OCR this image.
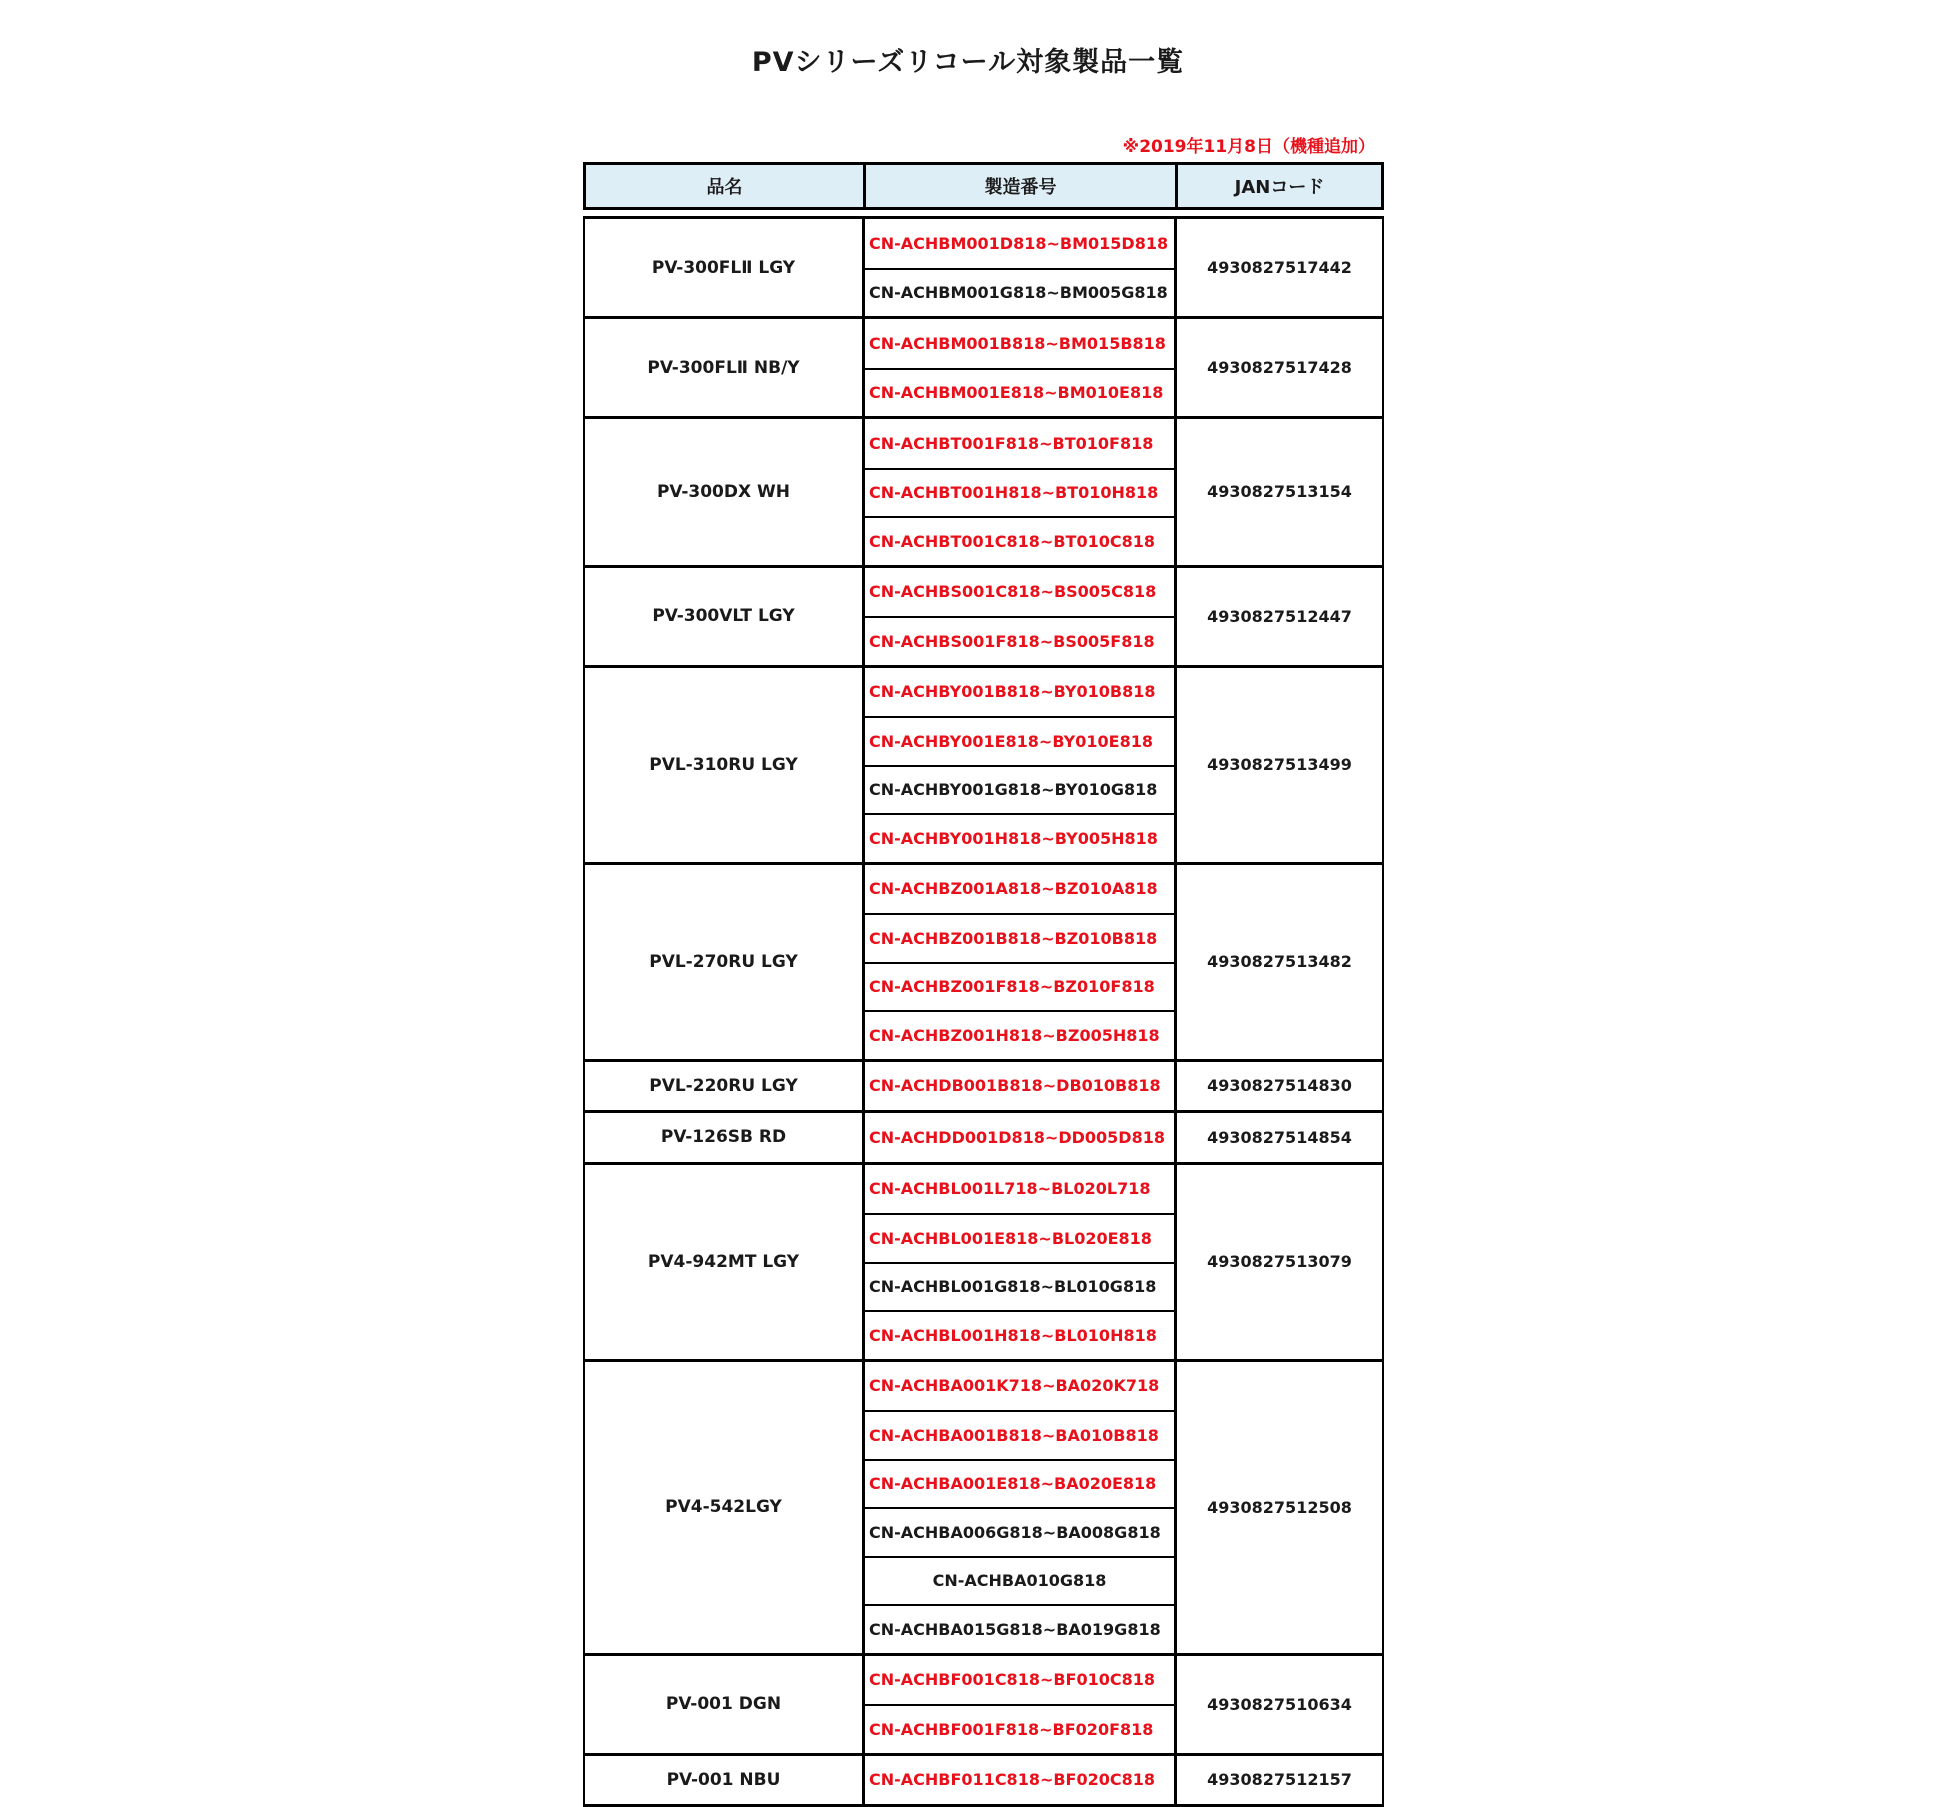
PVシリーズリコール対象製品一覧
※2019年11月8日（機種追加）
品名	製造番号	JANコード
PV-300FLⅡ LGY
CN-ACHBM001D818~BM015D818
CN-ACHBM001G818~BM005G818
4930827517442
PV-300FLⅡ NB/Y
CN-ACHBM001B818~BM015B818
CN-ACHBM001E818~BM010E818
4930827517428
PV-300DX WH
CN-ACHBT001F818~BT010F818
CN-ACHBT001H818~BT010H818
CN-ACHBT001C818~BT010C818
4930827513154
PV-300VLT LGY
CN-ACHBS001C818~BS005C818
CN-ACHBS001F818~BS005F818
4930827512447
PVL-310RU LGY
CN-ACHBY001B818~BY010B818
CN-ACHBY001E818~BY010E818
CN-ACHBY001G818~BY010G818
CN-ACHBY001H818~BY005H818
4930827513499
PVL-270RU LGY
CN-ACHBZ001A818~BZ010A818
CN-ACHBZ001B818~BZ010B818
CN-ACHBZ001F818~BZ010F818
CN-ACHBZ001H818~BZ005H818
4930827513482
PVL-220RU LGY	CN-ACHDB001B818~DB010B818	4930827514830
PV-126SB RD	CN-ACHDD001D818~DD005D818	4930827514854
PV4-942MT LGY
CN-ACHBL001L718~BL020L718
CN-ACHBL001E818~BL020E818
CN-ACHBL001G818~BL010G818
CN-ACHBL001H818~BL010H818
4930827513079
PV4-542LGY
CN-ACHBA001K718~BA020K718
CN-ACHBA001B818~BA010B818
CN-ACHBA001E818~BA020E818
CN-ACHBA006G818~BA008G818
CN-ACHBA010G818
CN-ACHBA015G818~BA019G818
4930827512508
PV-001 DGN
CN-ACHBF001C818~BF010C818
CN-ACHBF001F818~BF020F818
4930827510634
PV-001 NBU	CN-ACHBF011C818~BF020C818	4930827512157
